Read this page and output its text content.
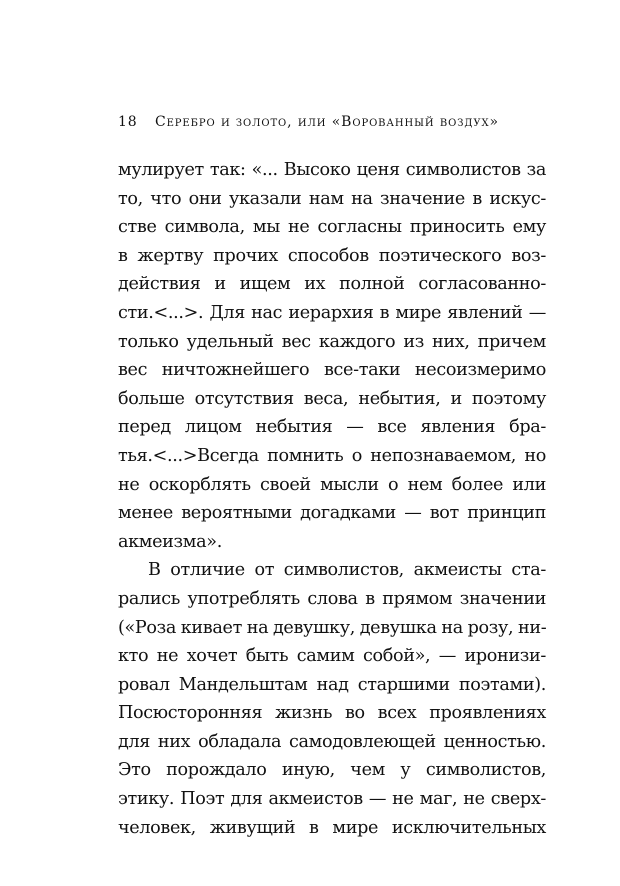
18 Серебро и золото, или «Ворованный воздух»
мулирует так: «... Высоко ценя символистов за
то, что они указали нам на значение в искус-
стве символа, мы не согласны приносить ему
в жертву прочих способов поэтического воз-
действия и ищем их полной согласованно-
сти.<...>. Для нас иерархия в мире явлений —
только удельный вес каждого из них, причем
вес ничтожнейшего все-таки несоизмеримо
больше отсутствия веса, небытия, и поэтому
перед лицом небытия — все явления бра-
тья.<...>Всегда помнить о непознаваемом, но
не оскорблять своей мысли о нем более или
менее вероятными догадками — вот принцип
акмеизма».
В отличие от символистов, акмеисты ста-
рались употреблять слова в прямом значении
(«Роза кивает на девушку, девушка на розу, ни-
кто не хочет быть самим собой», — иронизи-
ровал Мандельштам над старшими поэтами).
Посюсторонняя жизнь во всех проявлениях
для них обладала самодовлеющей ценностью.
Это порождало иную, чем у символистов,
этику. Поэт для акмеистов — не маг, не сверх-
человек, живущий в мире исключительных
